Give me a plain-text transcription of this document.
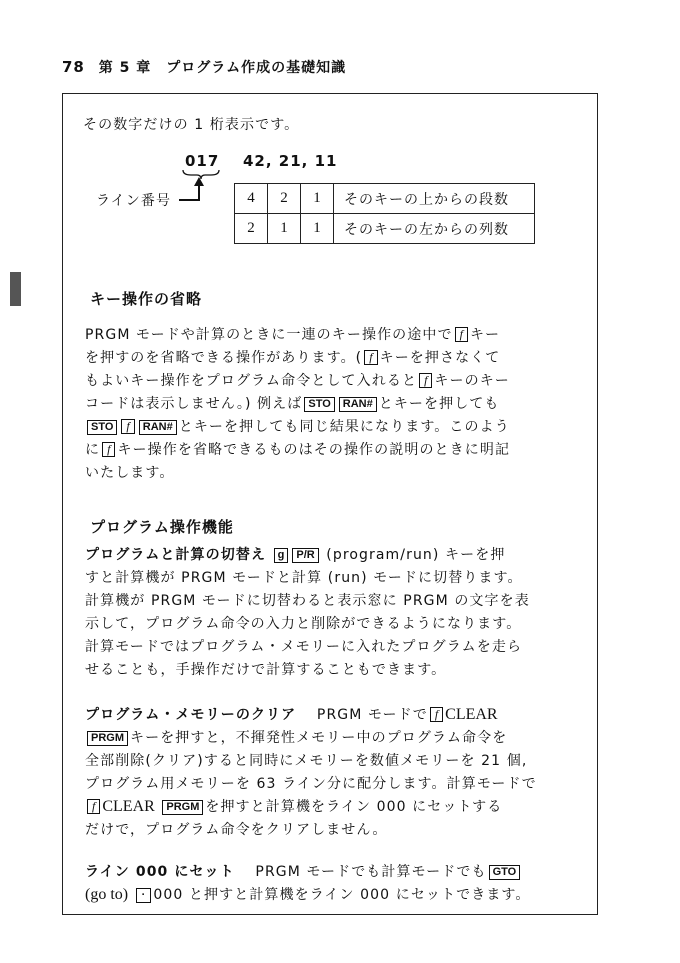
78 第 5 章　プログラム作成の基礎知識
その数字だけの 1 桁表示です。
017 42, 21, 11
ライン番号	4	2	1	そのキーの上からの段数
2	1	1	そのキーの左からの列数
キー操作の省略
PRGM モードや計算のときに一連のキー操作の途中で f キー
を押すのを省略できる操作があります。( f キーを押さなくて
もよいキー操作をプログラム命令として入れると f キーのキー
コードは表示しません。) 例えば STO RAN# とキーを押しても
STO f RAN# とキーを押しても同じ結果になります。このよう
に f キー操作を省略できるものはその操作の説明のときに明記
いたします。
プログラム操作機能
プログラムと計算の切替え g P/R (program/run) キーを押
すと計算機が PRGM モードと計算 (run) モードに切替ります。
計算機が PRGM モードに切替わると表示窓に PRGM の文字を表
示して，プログラム命令の入力と削除ができるようになります。
計算モードではプログラム・メモリーに入れたプログラムを走ら
せることも，手操作だけで計算することもできます。
プログラム・メモリーのクリア　 PRGM モードで f CLEAR
PRGM キーを押すと，不揮発性メモリー中のプログラム命令を
全部削除(クリア)すると同時にメモリーを数値メモリーを 21 個,
プログラム用メモリーを 63 ライン分に配分します。計算モードで
f CLEAR PRGM を押すと計算機をライン 000 にセットする
だけで，プログラム命令をクリアしません。
ライン 000 にセット　 PRGM モードでも計算モードでも GTO
(go to) · 000 と押すと計算機をライン 000 にセットできます。
